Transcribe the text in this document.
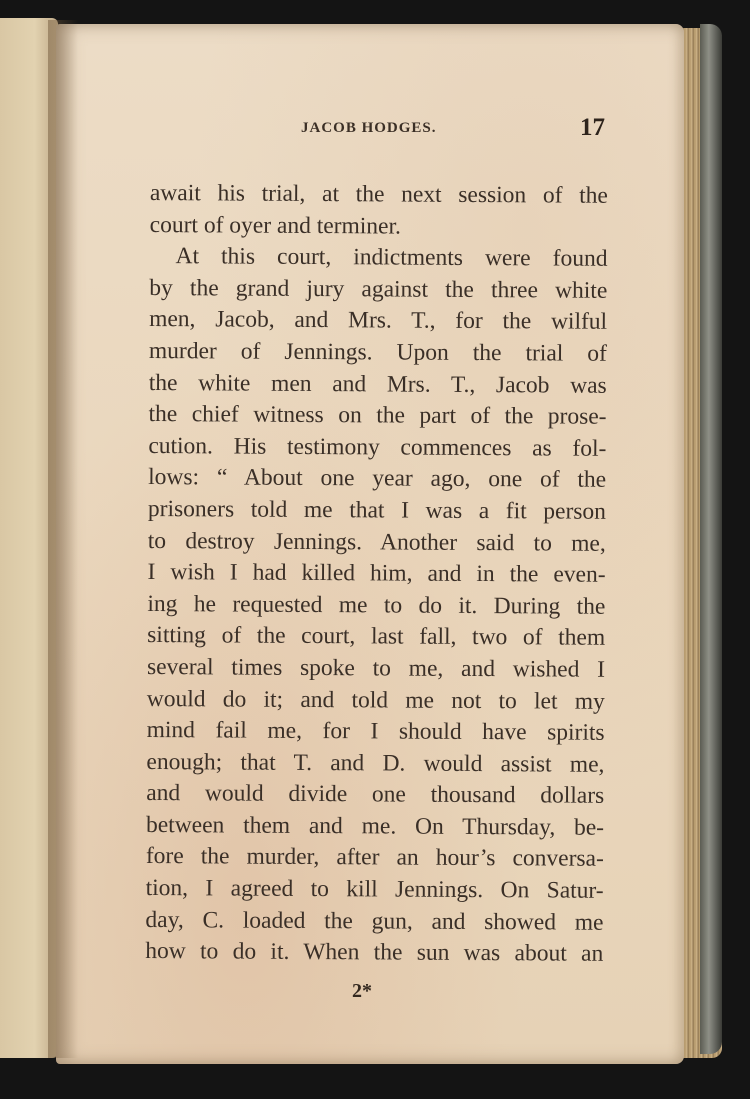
JACOB HODGES.	17
await his trial, at the next session of the
court of oyer and terminer.
At this court, indictments were found
by the grand jury against the three white
men, Jacob, and Mrs. T., for the wilful
murder of Jennings. Upon the trial of
the white men and Mrs. T., Jacob was
the chief witness on the part of the prose-
cution. His testimony commences as fol-
lows: “ About one year ago, one of the
prisoners told me that I was a fit person
to destroy Jennings. Another said to me,
I wish I had killed him, and in the even-
ing he requested me to do it. During the
sitting of the court, last fall, two of them
several times spoke to me, and wished I
would do it; and told me not to let my
mind fail me, for I should have spirits
enough; that T. and D. would assist me,
and would divide one thousand dollars
between them and me. On Thursday, be-
fore the murder, after an hour’s conversa-
tion, I agreed to kill Jennings. On Satur-
day, C. loaded the gun, and showed me
how to do it. When the sun was about an
2*
